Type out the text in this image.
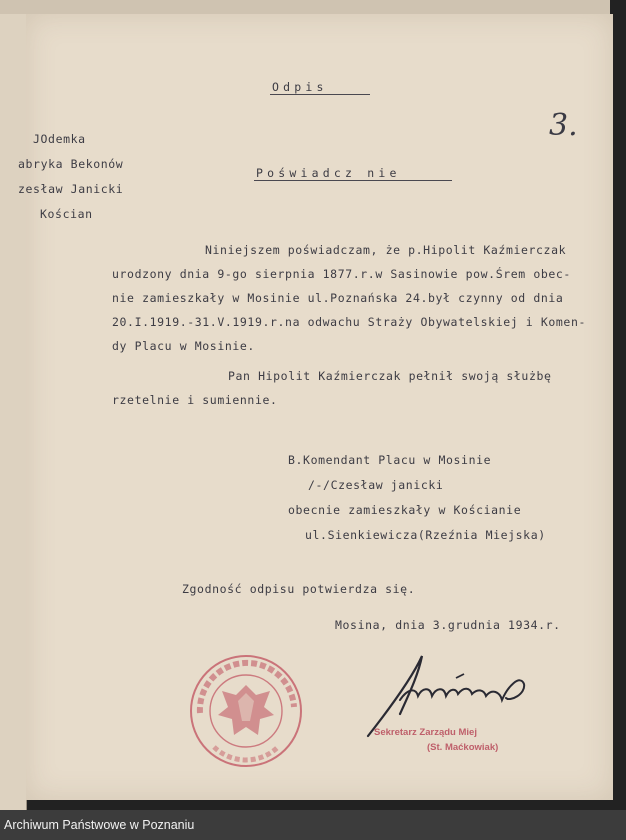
Odpis
JOdemka
abryka Bekonów
zesław Janicki
Kościan
Poświadcz nie
Niniejszem poświadczam, że p.Hipolit Kaźmierczak
urodzony dnia 9-go sierpnia 1877.r.w Sasinowie pow.Śrem obec-
nie zamieszkały w Mosinie ul.Poznańska 24.był czynny od dnia
20.I.1919.-31.V.1919.r.na odwachu Straży Obywatelskiej i Komen-
dy Placu w Mosinie.
Pan Hipolit Kaźmierczak pełnił swoją służbę
rzetelnie i sumiennie.
B.Komendant Placu w Mosinie
/-/Czesław janicki
obecnie zamieszkały w Kościanie
ul.Sienkiewicza(Rzeźnia Miejska)
Zgodność odpisu potwierdza się.
Mosina, dnia 3.grudnia 1934.r.
3.
Sekretarz Zarządu Miej
(St. Maćkowiak)
Archiwum Państwowe w Poznaniu
